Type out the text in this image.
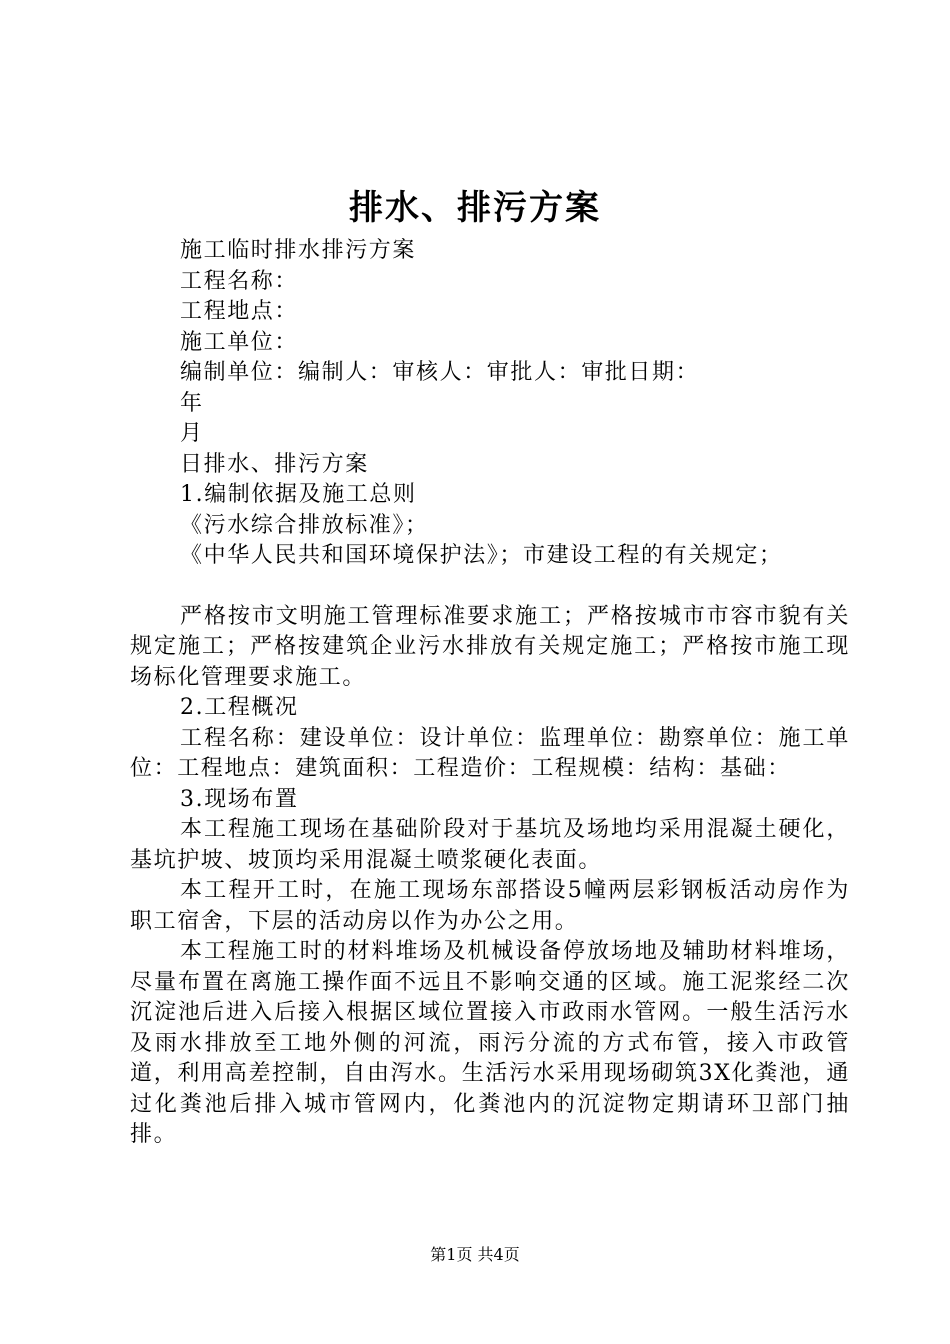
排水、排污方案
施工临时排水排污方案
工程名称：
工程地点：
施工单位：
编制单位：编制人：审核人：审批人：审批日期：
年
月
日排水、排污方案
1.编制依据及施工总则
《污水综合排放标准》；
《中华人民共和国环境保护法》；市建设工程的有关规定；
严格按市文明施工管理标准要求施工；严格按城市市容市貌有关规定施工；严格按建筑企业污水排放有关规定施工；严格按市施工现场标化管理要求施工。
2.工程概况
工程名称：建设单位：设计单位：监理单位：勘察单位：施工单位：工程地点：建筑面积：工程造价：工程规模：结构：基础：
3.现场布置
本工程施工现场在基础阶段对于基坑及场地均采用混凝土硬化，基坑护坡、坡顶均采用混凝土喷浆硬化表面。
本工程开工时，在施工现场东部搭设5幢两层彩钢板活动房作为职工宿舍，下层的活动房以作为办公之用。
本工程施工时的材料堆场及机械设备停放场地及辅助材料堆场，尽量布置在离施工操作面不远且不影响交通的区域。施工泥浆经二次沉淀池后进入后接入根据区域位置接入市政雨水管网。一般生活污水及雨水排放至工地外侧的河流，雨污分流的方式布管，接入市政管道，利用高差控制，自由泻水。生活污水采用现场砌筑3X化粪池，通过化粪池后排入城市管网内，化粪池内的沉淀物定期请环卫部门抽排。
第1页 共4页
